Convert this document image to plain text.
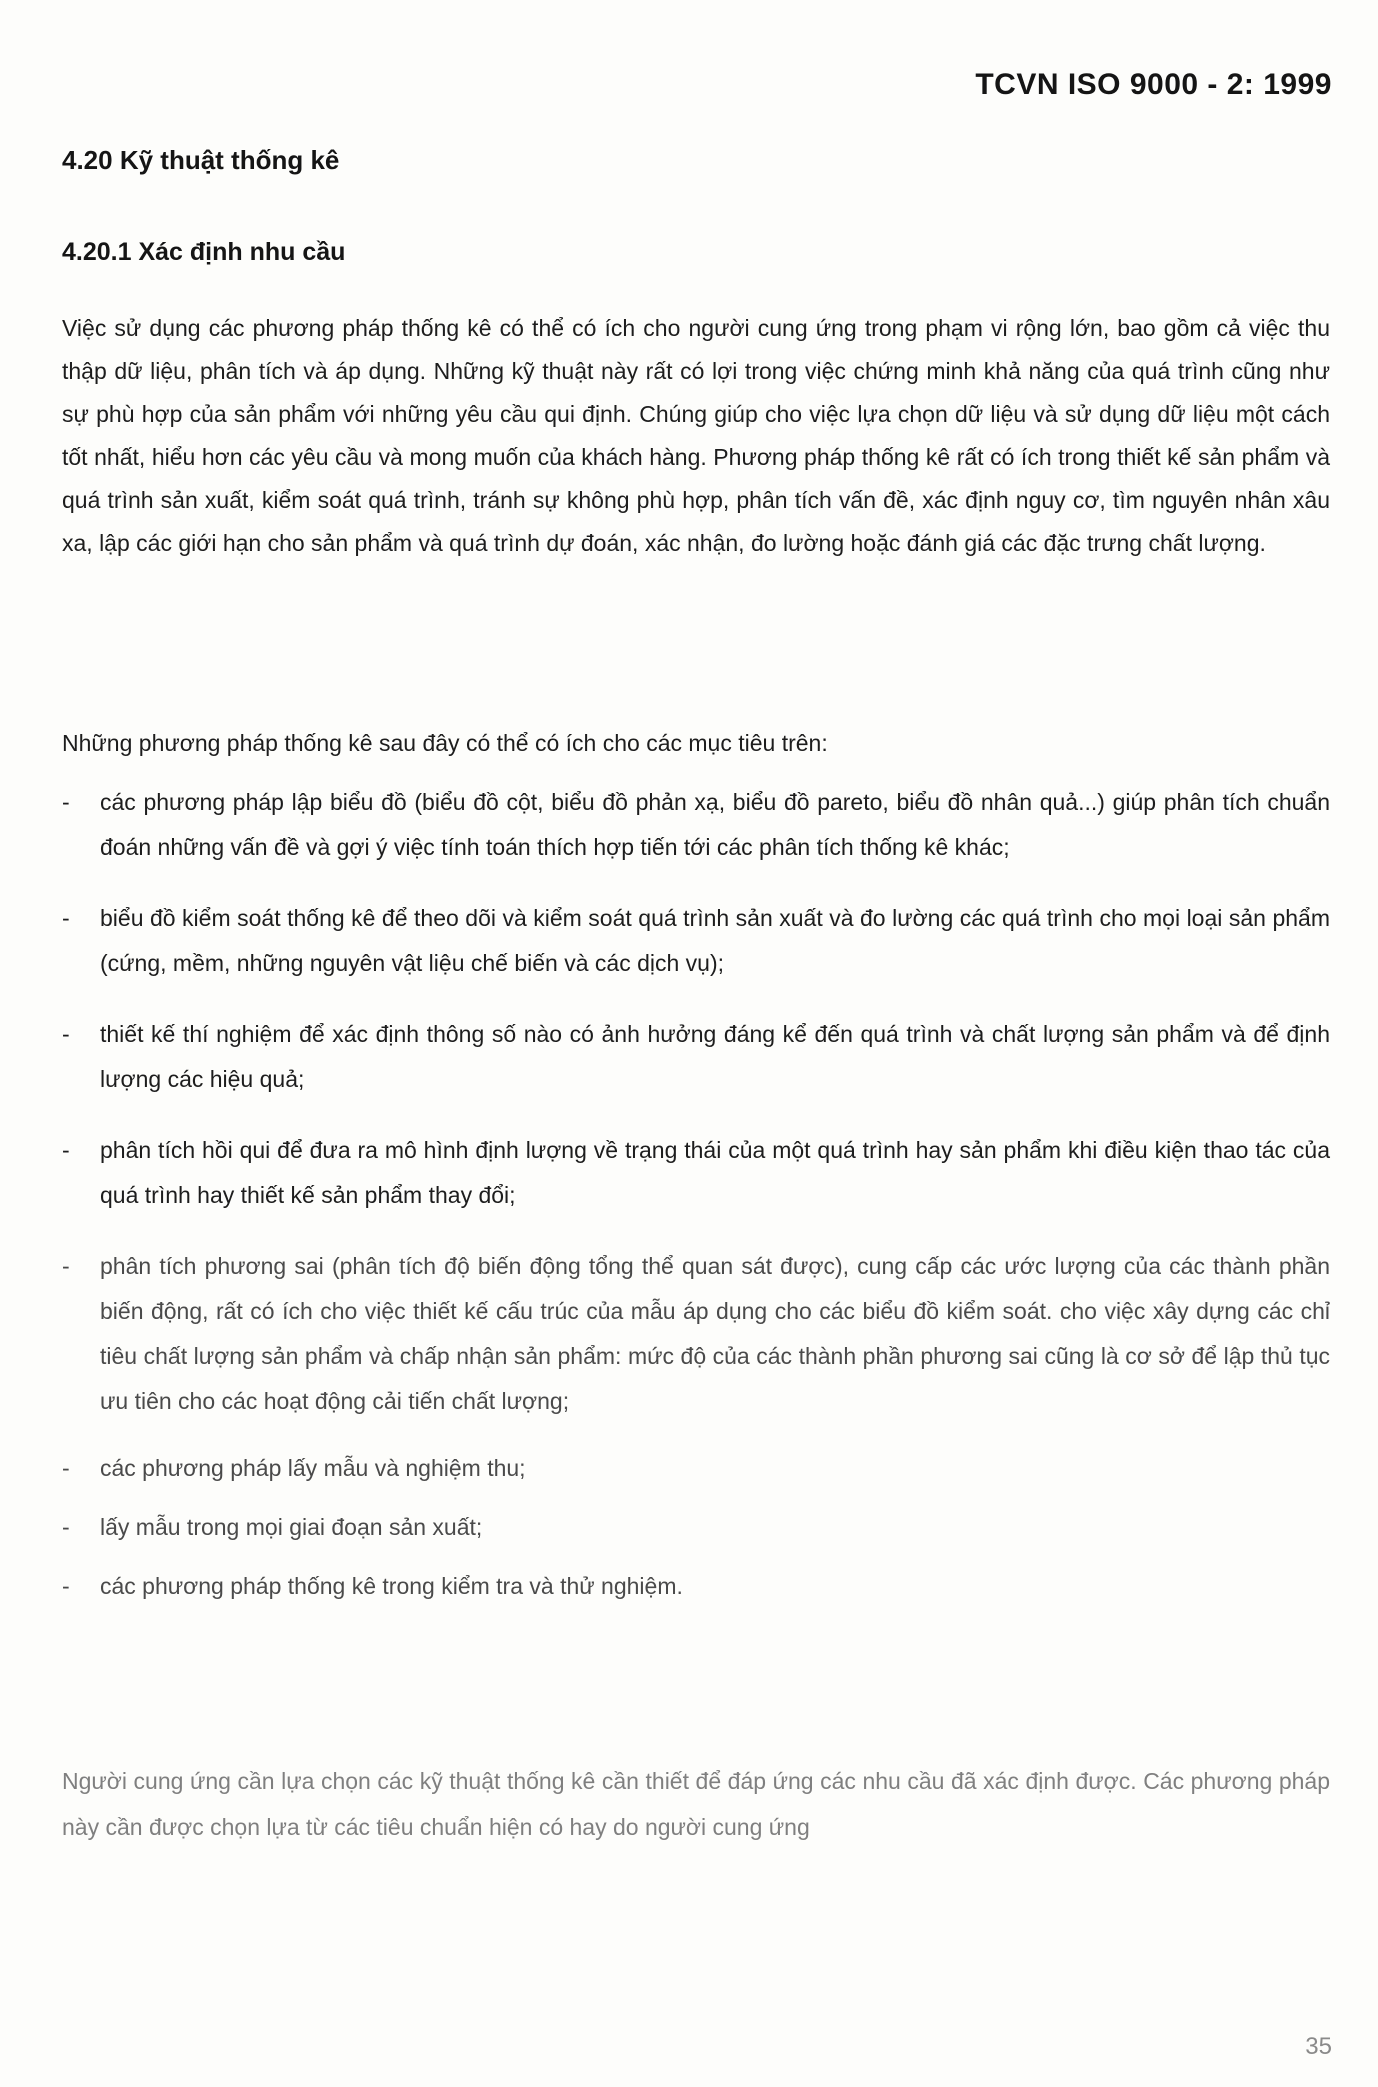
TCVN ISO 9000 - 2: 1999
4.20 Kỹ thuật thống kê
4.20.1 Xác định nhu cầu

Việc sử dụng các phương pháp thống kê có thể có ích cho người cung ứng trong phạm vi rộng lớn, bao gồm cả việc thu thập dữ liệu, phân tích và áp dụng. Những kỹ thuật này rất có lợi trong việc chứng minh khả năng của quá trình cũng như sự phù hợp của sản phẩm với những yêu cầu qui định. Chúng giúp cho việc lựa chọn dữ liệu và sử dụng dữ liệu một cách tốt nhất, hiểu hơn các yêu cầu và mong muốn của khách hàng. Phương pháp thống kê rất có ích trong thiết kế sản phẩm và quá trình sản xuất, kiểm soát quá trình, tránh sự không phù hợp, phân tích vấn đề, xác định nguy cơ, tìm nguyên nhân xâu xa, lập các giới hạn cho sản phẩm và quá trình dự đoán, xác nhận, đo lường hoặc đánh giá các đặc trưng chất lượng.

Những phương pháp thống kê sau đây có thể có ích cho các mục tiêu trên:

-	các phương pháp lập biểu đồ (biểu đồ cột, biểu đồ phản xạ, biểu đồ pareto, biểu đồ nhân quả...) giúp phân tích chuẩn đoán những vấn đề và gợi ý việc tính toán thích hợp tiến tới các phân tích thống kê khác;
-	biểu đồ kiểm soát thống kê để theo dõi và kiểm soát quá trình sản xuất và đo lường các quá trình cho mọi loại sản phẩm (cứng, mềm, những nguyên vật liệu chế biến và các dịch vụ);
-	thiết kế thí nghiệm để xác định thông số nào có ảnh hưởng đáng kể đến quá trình và chất lượng sản phẩm và để định lượng các hiệu quả;
-	phân tích hồi qui để đưa ra mô hình định lượng về trạng thái của một quá trình hay sản phẩm khi điều kiện thao tác của quá trình hay thiết kế sản phẩm thay đổi;
-	phân tích phương sai (phân tích độ biến động tổng thể quan sát được), cung cấp các ước lượng của các thành phần biến động, rất có ích cho việc thiết kế cấu trúc của mẫu áp dụng cho các biểu đồ kiểm soát. cho việc xây dựng các chỉ tiêu chất lượng sản phẩm và chấp nhận sản phẩm: mức độ của các thành phần phương sai cũng là cơ sở để lập thủ tục ưu tiên cho các hoạt động cải tiến chất lượng;
-	các phương pháp lấy mẫu và nghiệm thu;
-	lấy mẫu trong mọi giai đoạn sản xuất;
-	các phương pháp thống kê trong kiểm tra và thử nghiệm.

Người cung ứng cần lựa chọn các kỹ thuật thống kê cần thiết để đáp ứng các nhu cầu đã xác định được. Các phương pháp này cần được chọn lựa từ các tiêu chuẩn hiện có hay do người cung ứng

35
